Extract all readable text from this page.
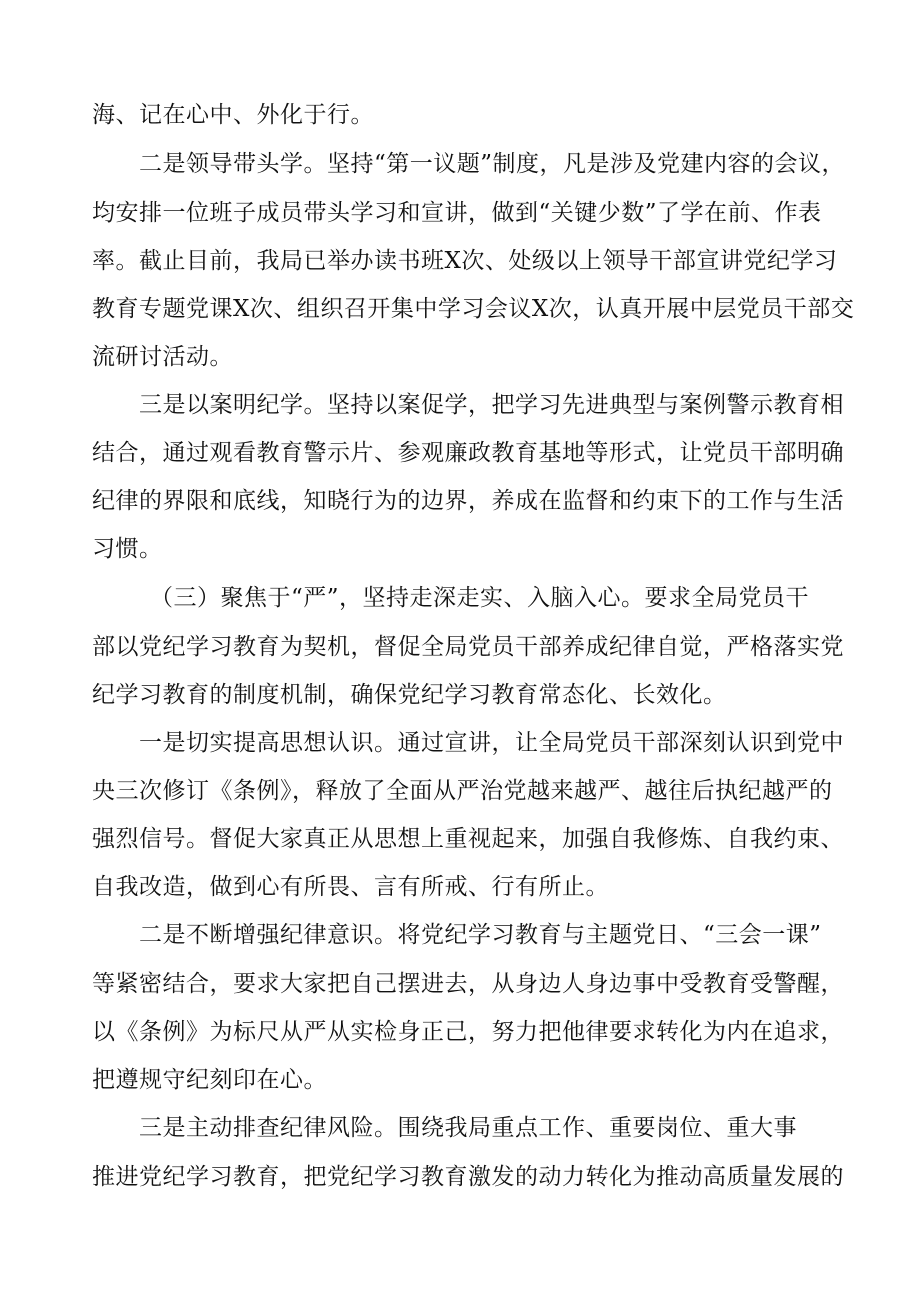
海、记在心中、外化于行。
二是领导带头学。坚持“第一议题”制度，凡是涉及党建内容的会议，
均安排一位班子成员带头学习和宣讲，做到“关键少数”了学在前、作表
率。截止目前，我局已举办读书班X次、处级以上领导干部宣讲党纪学习
教育专题党课X次、组织召开集中学习会议X次，认真开展中层党员干部交
流研讨活动。
三是以案明纪学。坚持以案促学，把学习先进典型与案例警示教育相
结合，通过观看教育警示片、参观廉政教育基地等形式，让党员干部明确
纪律的界限和底线，知晓行为的边界，养成在监督和约束下的工作与生活
习惯。
（三）聚焦于“严”，坚持走深走实、入脑入心。要求全局党员干
部以党纪学习教育为契机，督促全局党员干部养成纪律自觉，严格落实党
纪学习教育的制度机制，确保党纪学习教育常态化、长效化。
一是切实提高思想认识。通过宣讲，让全局党员干部深刻认识到党中
央三次修订《条例》，释放了全面从严治党越来越严、越往后执纪越严的
强烈信号。督促大家真正从思想上重视起来，加强自我修炼、自我约束、
自我改造，做到心有所畏、言有所戒、行有所止。
二是不断增强纪律意识。将党纪学习教育与主题党日、“三会一课”
等紧密结合，要求大家把自己摆进去，从身边人身边事中受教育受警醒，
以《条例》为标尺从严从实检身正己，努力把他律要求转化为内在追求，
把遵规守纪刻印在心。
三是主动排查纪律风险。围绕我局重点工作、重要岗位、重大事
推进党纪学习教育，把党纪学习教育激发的动力转化为推动高质量发展的
